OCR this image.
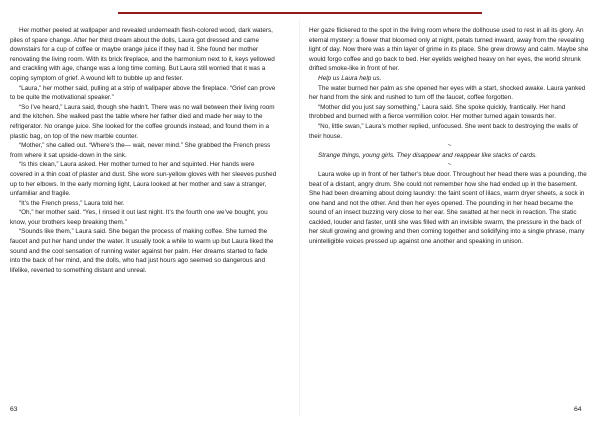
Her mother peeled at wallpaper and revealed underneath flesh-colored wood, dark waters, piles of spare change. After her third dream about the dolls, Laura got dressed and came downstairs for a cup of coffee or maybe orange juice if they had it. She found her mother renovating the living room. With its brick fireplace, and the harmonium next to it, keys yellowed and crackling with age, change was a long time coming. But Laura still worried that it was a coping symptom of grief. A wound left to bubble up and fester.

“Laura,” her mother said, pulling at a strip of wallpaper above the fireplace. “Grief can prove to be quite the motivational speaker.”

“So I’ve heard,” Laura said, though she hadn’t. There was no wall between their living room and the kitchen. She walked past the table where her father died and made her way to the refrigerator. No orange juice. She looked for the coffee grounds instead, and found them in a plastic bag, on top of the new marble counter.

“Mother,” she called out. “Where’s the— wait, never mind.” She grabbed the French press from where it sat upside-down in the sink.

“Is this clean,” Laura asked. Her mother turned to her and squinted. Her hands were covered in a thin coat of plaster and dust. She wore sun-yellow gloves with her sleeves pushed up to her elbows. In the early morning light, Laura looked at her mother and saw a stranger, unfamiliar and fragile.

“It’s the French press,” Laura told her.

“Oh,” her mother said. “Yes, I rinsed it out last night. It’s the fourth one we’ve bought, you know, your brothers keep breaking them.”

“Sounds like them,” Laura said. She began the process of making coffee. She turned the faucet and put her hand under the water. It usually took a while to warm up but Laura liked the sound and the cool sensation of running water against her palm. Her dreams started to fade into the back of her mind, and the dolls, who had just hours ago seemed so dangerous and lifelike, reverted to something distant and unreal.

Her gaze flickered to the spot in the living room where the dollhouse used to rest in all its glory. An eternal mystery: a flower that bloomed only at night, petals turned inward, away from the revealing light of day. Now there was a thin layer of grime in its place. She grew drowsy and calm. Maybe she would forgo coffee and go back to bed. Her eyelids weighed heavy on her eyes, the world shrunk drifted smoke-like in front of her.

Help us Laura help us.

The water burned her palm as she opened her eyes with a start, shocked awake. Laura yanked her hand from the sink and rushed to turn off the faucet, coffee forgotten.

“Mother did you just say something,” Laura said. She spoke quickly, frantically. Her hand throbbed and burned with a fierce vermillion color. Her mother turned again towards her.

“No, little swan,” Laura’s mother replied, unfocused. She went back to destroying the walls of their house.

~

Strange things, young girls. They disappear and reappear like stacks of cards.

~

Laura woke up in front of her father’s blue door. Throughout her head there was a pounding, the beat of a distant, angry drum. She could not remember how she had ended up in the basement. She had been dreaming about doing laundry: the faint scent of lilacs, warm dryer sheets, a sock in one hand and not the other. And then her eyes opened. The pounding in her head became the sound of an insect buzzing very close to her ear. She swatted at her neck in reaction. The static cackled, louder and faster, until she was filled with an invisible swarm, the pressure in the back of her skull growing and growing and then coming together and solidifying into a single phrase, many unintelligible voices pressed up against one another and speaking in unison.

63	64
